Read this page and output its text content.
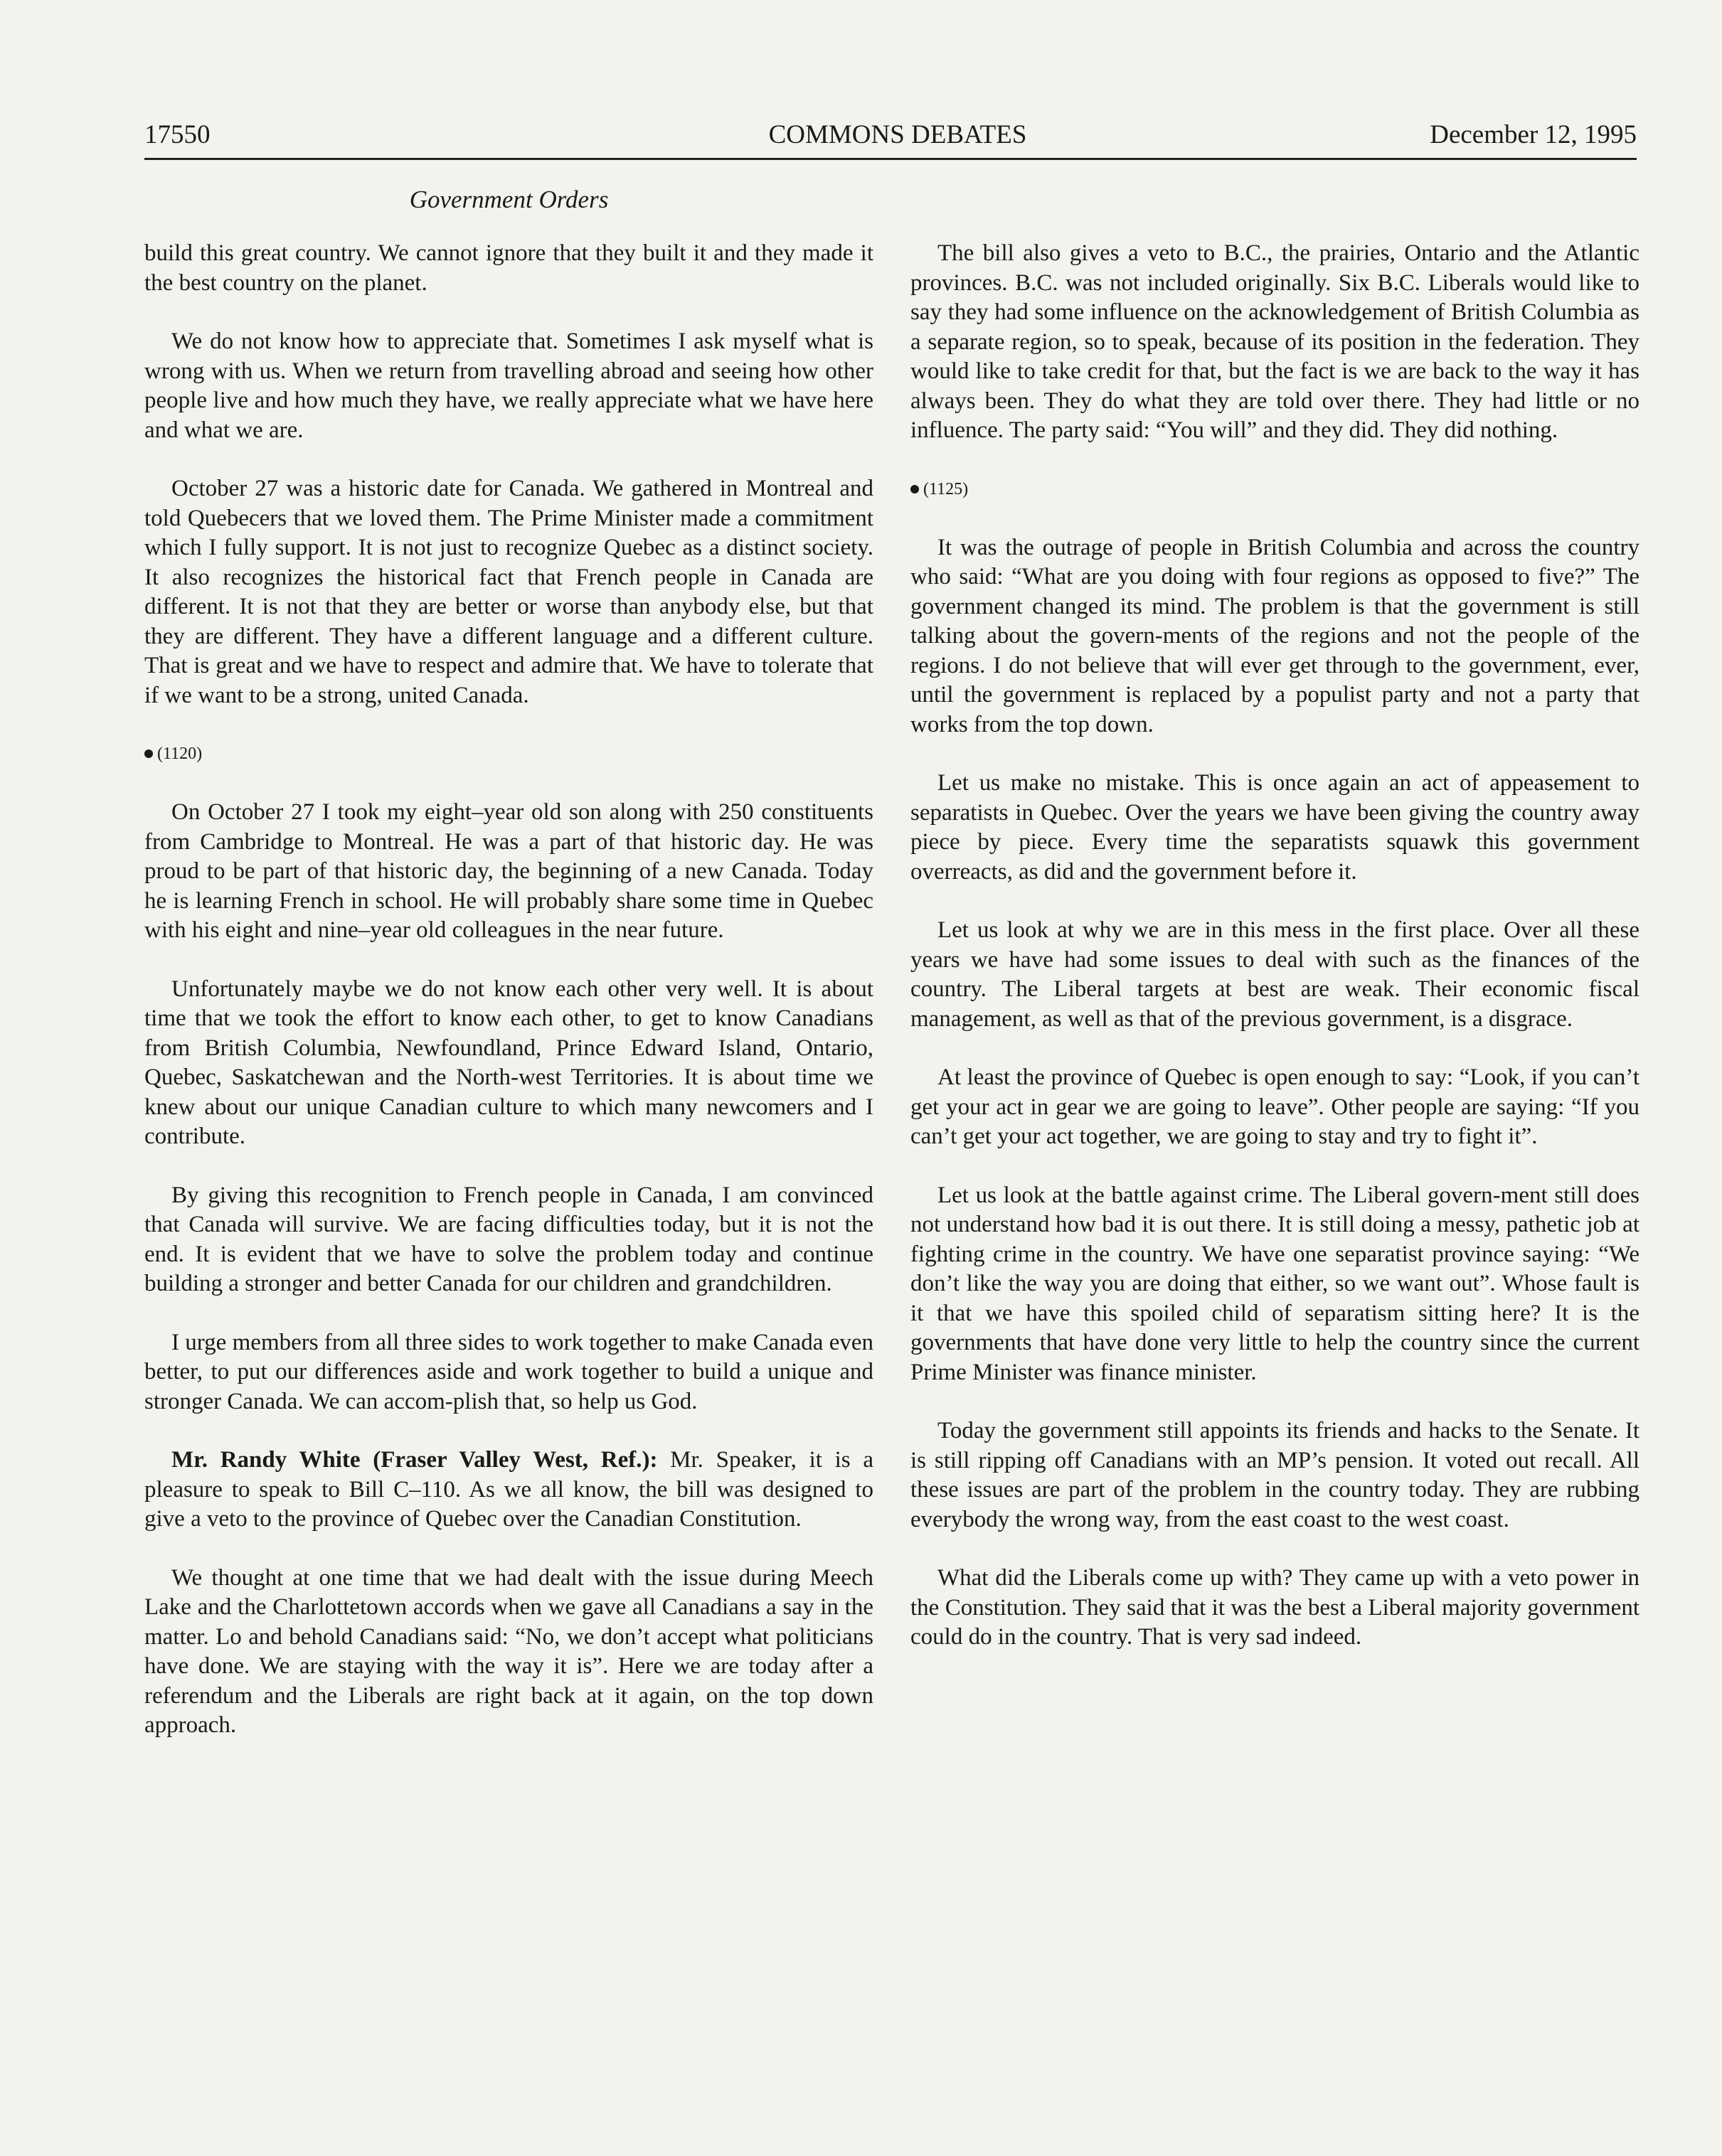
17550	COMMONS DEBATES	December 12, 1995
Government Orders

build this great country. We cannot ignore that they built it and they made it the best country on the planet.

We do not know how to appreciate that. Sometimes I ask myself what is wrong with us. When we return from travelling abroad and seeing how other people live and how much they have, we really appreciate what we have here and what we are.

October 27 was a historic date for Canada. We gathered in Montreal and told Quebecers that we loved them. The Prime Minister made a commitment which I fully support. It is not just to recognize Quebec as a distinct society. It also recognizes the historical fact that French people in Canada are different. It is not that they are better or worse than anybody else, but that they are different. They have a different language and a different culture. That is great and we have to respect and admire that. We have to tolerate that if we want to be a strong, united Canada.

(1120)

On October 27 I took my eight–year old son along with 250 constituents from Cambridge to Montreal. He was a part of that historic day. He was proud to be part of that historic day, the beginning of a new Canada. Today he is learning French in school. He will probably share some time in Quebec with his eight and nine–year old colleagues in the near future.

Unfortunately maybe we do not know each other very well. It is about time that we took the effort to know each other, to get to know Canadians from British Columbia, Newfoundland, Prince Edward Island, Ontario, Quebec, Saskatchewan and the North-west Territories. It is about time we knew about our unique Canadian culture to which many newcomers and I contribute.

By giving this recognition to French people in Canada, I am convinced that Canada will survive. We are facing difficulties today, but it is not the end. It is evident that we have to solve the problem today and continue building a stronger and better Canada for our children and grandchildren.

I urge members from all three sides to work together to make Canada even better, to put our differences aside and work together to build a unique and stronger Canada. We can accom-plish that, so help us God.

Mr. Randy White (Fraser Valley West, Ref.): Mr. Speaker, it is a pleasure to speak to Bill C–110. As we all know, the bill was designed to give a veto to the province of Quebec over the Canadian Constitution.

We thought at one time that we had dealt with the issue during Meech Lake and the Charlottetown accords when we gave all Canadians a say in the matter. Lo and behold Canadians said: “No, we don’t accept what politicians have done. We are staying with the way it is”. Here we are today after a referendum and the Liberals are right back at it again, on the top down approach.

The bill also gives a veto to B.C., the prairies, Ontario and the Atlantic provinces. B.C. was not included originally. Six B.C. Liberals would like to say they had some influence on the acknowledgement of British Columbia as a separate region, so to speak, because of its position in the federation. They would like to take credit for that, but the fact is we are back to the way it has always been. They do what they are told over there. They had little or no influence. The party said: “You will” and they did. They did nothing.

(1125)

It was the outrage of people in British Columbia and across the country who said: “What are you doing with four regions as opposed to five?” The government changed its mind. The problem is that the government is still talking about the govern-ments of the regions and not the people of the regions. I do not believe that will ever get through to the government, ever, until the government is replaced by a populist party and not a party that works from the top down.

Let us make no mistake. This is once again an act of appeasement to separatists in Quebec. Over the years we have been giving the country away piece by piece. Every time the separatists squawk this government overreacts, as did and the government before it.

Let us look at why we are in this mess in the first place. Over all these years we have had some issues to deal with such as the finances of the country. The Liberal targets at best are weak. Their economic fiscal management, as well as that of the previous government, is a disgrace.

At least the province of Quebec is open enough to say: “Look, if you can’t get your act in gear we are going to leave”. Other people are saying: “If you can’t get your act together, we are going to stay and try to fight it”.

Let us look at the battle against crime. The Liberal govern-ment still does not understand how bad it is out there. It is still doing a messy, pathetic job at fighting crime in the country. We have one separatist province saying: “We don’t like the way you are doing that either, so we want out”. Whose fault is it that we have this spoiled child of separatism sitting here? It is the governments that have done very little to help the country since the current Prime Minister was finance minister.

Today the government still appoints its friends and hacks to the Senate. It is still ripping off Canadians with an MP’s pension. It voted out recall. All these issues are part of the problem in the country today. They are rubbing everybody the wrong way, from the east coast to the west coast.

What did the Liberals come up with? They came up with a veto power in the Constitution. They said that it was the best a Liberal majority government could do in the country. That is very sad indeed.
